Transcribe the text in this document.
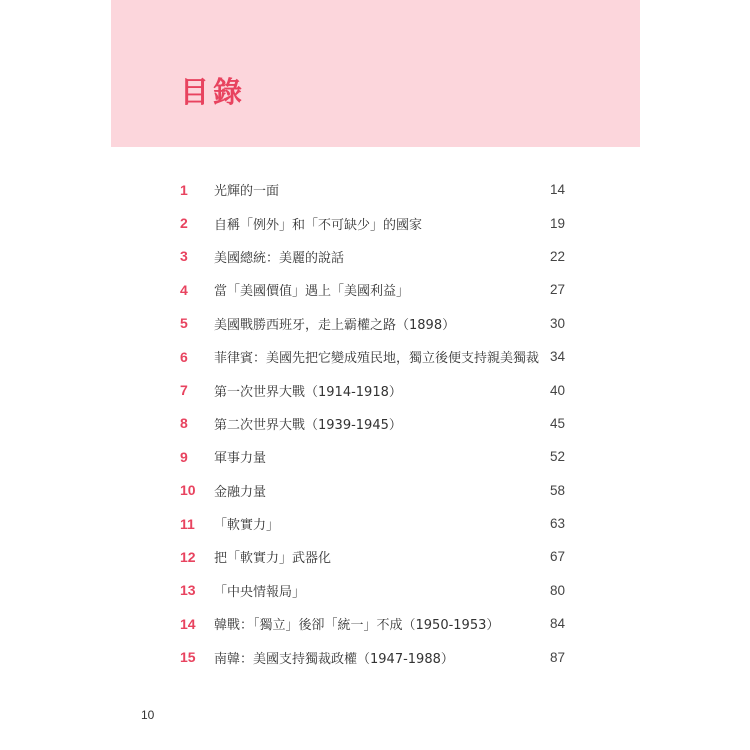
目錄
1	光輝的一面	14
2	自稱「例外」和「不可缺少」的國家	19
3	美國總統：美麗的說話	22
4	當「美國價值」遇上「美國利益」	27
5	美國戰勝西班牙，走上霸權之路（1898）	30
6	菲律賓：美國先把它變成殖民地，獨立後便支持親美獨裁 34
7	第一次世界大戰（1914-1918）	40
8	第二次世界大戰（1939-1945）	45
9	軍事力量	52
10	金融力量	58
11	「軟實力」	63
12	把「軟實力」武器化	67
13	「中央情報局」	80
14	韓戰：「獨立」後卻「統一」不成（1950-1953）	84
15	南韓：美國支持獨裁政權（1947-1988）	87
10
